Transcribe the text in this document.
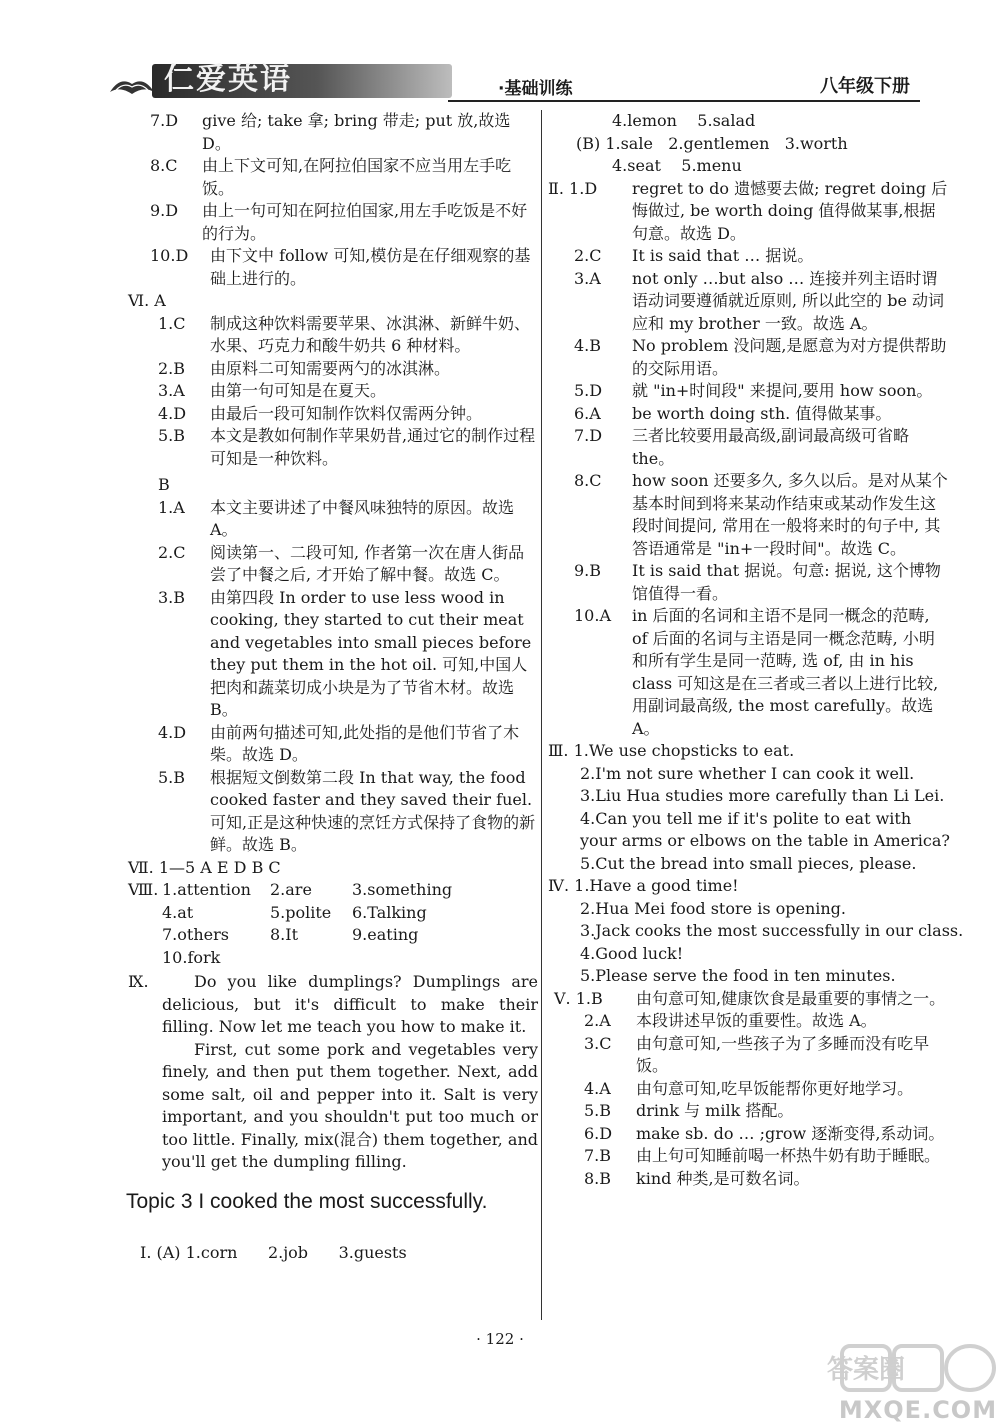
仁爱英语	·基础训练	八年级下册
7.D	give 给; take 拿; bring 带走; put 放,故选 D。
8.C	由上下文可知,在阿拉伯国家不应当用左手吃饭。
9.D	由上一句可知在阿拉伯国家,用左手吃饭是不好的行为。
10.D	由下文中 follow 可知,模仿是在仔细观察的基础上进行的。
Ⅵ. A
1.C	制成这种饮料需要苹果、冰淇淋、新鲜牛奶、水果、巧克力和酸牛奶共 6 种材料。
2.B	由原料二可知需要两勺的冰淇淋。
3.A	由第一句可知是在夏天。
4.D	由最后一段可知制作饮料仅需两分钟。
5.B	本文是教如何制作苹果奶昔,通过它的制作过程可知是一种饮料。
B
1.A	本文主要讲述了中餐风味独特的原因。故选 A。
2.C	阅读第一、二段可知, 作者第一次在唐人街品尝了中餐之后, 才开始了解中餐。故选 C。
3.B	由第四段 In order to use less wood in cooking, they started to cut their meat and vegetables into small pieces before they put them in the hot oil. 可知,中国人把肉和蔬菜切成小块是为了节省木材。故选 B。
4.D	由前两句描述可知,此处指的是他们节省了木柴。故选 D。
5.B	根据短文倒数第二段 In that way, the food cooked faster and they saved their fuel. 可知,正是这种快速的烹饪方式保持了食物的新鲜。故选 B。
Ⅶ. 1—5 A E D B C
Ⅷ. 1.attention	2.are	3.something
4.at	5.polite	6.Talking
7.others	8.It	9.eating
10.fork
Ⅸ.	Do you like dumplings? Dumplings are delicious, but it's difficult to make their filling. Now let me teach you how to make it.
First, cut some pork and vegetables very finely, and then put them together. Next, add some salt, oil and pepper into it. Salt is very important, and you shouldn't put too much or too little. Finally, mix(混合) them together, and you'll get the dumpling filling.
Topic 3 I cooked the most successfully.
Ⅰ. (A) 1.corn      2.job      3.guests
4.lemon    5.salad
(B) 1.sale   2.gentlemen   3.worth
4.seat    5.menu
Ⅱ. 1.D	regret to do 遗憾要去做; regret doing 后悔做过, be worth doing 值得做某事,根据句意。故选 D。
2.C	It is said that … 据说。
3.A	not only …but also … 连接并列主语时谓语动词要遵循就近原则, 所以此空的 be 动词应和 my brother 一致。故选 A。
4.B	No problem 没问题,是愿意为对方提供帮助的交际用语。
5.D	就 "in+时间段" 来提问,要用 how soon。
6.A	be worth doing sth. 值得做某事。
7.D	三者比较要用最高级,副词最高级可省略 the。
8.C	how soon 还要多久, 多久以后。是对从某个基本时间到将来某动作结束或某动作发生这段时间提问, 常用在一般将来时的句子中, 其答语通常是 "in+一段时间"。故选 C。
9.B	It is said that 据说。句意: 据说, 这个博物馆值得一看。
10.A	in 后面的名词和主语不是同一概念的范畴, of 后面的名词与主语是同一概念范畴, 小明和所有学生是同一范畴, 选 of, 由 in his class 可知这是在三者或三者以上进行比较, 用副词最高级, the most carefully。故选 A。
Ⅲ. 1.We use chopsticks to eat.
2.I'm not sure whether I can cook it well.
3.Liu Hua studies more carefully than Li Lei.
4.Can you tell me if it's polite to eat with your arms or elbows on the table in America?
5.Cut the bread into small pieces, please.
Ⅳ. 1.Have a good time!
2.Hua Mei food store is opening.
3.Jack cooks the most successfully in our class.
4.Good luck!
5.Please serve the food in ten minutes.
Ⅴ. 1.B	由句意可知,健康饮食是最重要的事情之一。
2.A	本段讲述早饭的重要性。故选 A。
3.C	由句意可知,一些孩子为了多睡而没有吃早饭。
4.A	由句意可知,吃早饭能帮你更好地学习。
5.B	drink 与 milk 搭配。
6.D	make sb. do … ;grow 逐渐变得,系动词。
7.B	由上句可知睡前喝一杯热牛奶有助于睡眠。
8.B	kind 种类,是可数名词。
· 122 ·
答案圈
MXQE.COM
